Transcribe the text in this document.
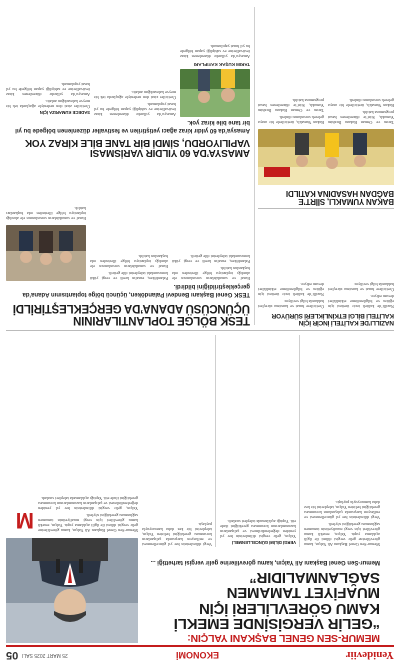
Yenideviir
EKONOMİ
25 MART 2025 SALI
05
MEMUR-SEN GENEL BAŞKANI YALÇIN:
“GELİR VERGİSİNDE EMEKLİ
KAMU GÖREVLİLERİ İÇİN
MUAFİYET TAMAMEN
SAĞLANMALIDIR”
Memur-Sen Genel Başkanı Ali Yalçın, kamu görevlilerine gelir vergisi tarhettiği ...
M

Memur-Sen Genel Başkanı Ali Yalçın, kamu görevlilerine gelir vergisi dilimi ile ilgili açıklama yaptı. Yalçın, emekli kamu görevlileri için vergi muafiyetinin tamamen sağlanması gerektiğini söyledi.

Vergi dilimlerinin her yıl güncellenmesi ve enflasyon karşısında çalışanların korunması gerektiğini belirten Yalçın, taleplerini bir kez daha kamuoyuyla paylaştı.

VERGİ DİLİMİ GÜNCELLENMELİ

Yalçın, gelir vergisi dilimlerinin her yıl yeniden değerlendirilmesi ve çalışanların kazanımlarının korunması gerektiğini ifade etti. Yaptığı açıklamada talepleri sıraladı.

Vergi dilimlerinin her yıl güncellenmesi ve enflasyon karşısında çalışanların korunması gerektiğini belirten Yalçın, taleplerini bir kez daha kamuoyuyla paylaştı.

Memur-Sen Genel Başkanı Ali Yalçın, kamu görevlilerine gelir vergisi dilimi ile ilgili açıklama yaptı. Yalçın, emekli kamu görevlileri için vergi muafiyetinin tamamen sağlanması gerektiğini söyledi.

Yalçın, gelir vergisi dilimlerinin her yıl yeniden değerlendirilmesi ve çalışanların kazanımlarının korunması gerektiğini ifade etti. Yaptığı açıklamada talepleri sıraladı.

TESK BÖLGE TOPLANTILARININ
ÜÇÜNCÜSÜ ADANA’DA GERÇEKLEŞTİRİLDİ
TESK Genel Başkanı Bendevi Palandöken, üçüncü bölge toplantısının Adana’da gerçekleştirildiğini bildirdi.

Esnaf ve sanatkârların sorunlarının ele alındığı toplantıya bölge illerinden oda başkanları katıldı.

Palandöken, esnafın kredi ve vergi yükü konusundaki taleplerini dile getirdi.

Palandöken, esnafın kredi ve vergi yükü konusundaki taleplerini dile getirdi.

Esnaf ve sanatkârların sorunlarının ele alındığı toplantıya bölge illerinden oda başkanları katıldı.

Esnaf ve sanatkârların sorunlarının ele alındığı toplantıya bölge illerinden oda başkanları katıldı.

AMASYA’DA 60 YILDIR VARİSMASI
VAPILIYORDU, SİMDİ BİR TANE BİLE KİRAZ YOK
Amasya’da 60 yıldır kiraz ağacı yetiştirilen ve festivaller düzenlenen bölgede bu yıl bir tane bile kiraz yok.
TARIM KUŞAK KAYIPLARI

Amasya’da yıllardır düzenlenen kiraz festivallerine ev sahipliği yapan bölgede bu yıl hasat yapılamadı.

Üreticiler zirai don nedeniyle ağaçlarda tek bir meyve kalmadığını anlattı.

SADECE KUMARIZA İÇİN

Üreticiler zirai don nedeniyle ağaçlarda tek bir meyve kalmadığını anlattı.

Amasya’da yıllardır düzenlenen kiraz festivallerine ev sahipliği yapan bölgede bu yıl hasat yapılamadı.

Amasya’da yıllardır düzenlenen kiraz festivallerine ev sahipliği yapan bölgede bu yıl hasat yapılamadı.

NAZILLI’DE KALİTELİ İNCİR İÇİN
KALİTELİ BİLGİ ETKİNLİKLERİ SÜRÜYOR

Nazilli’de kaliteli incir üretimi için eğitim ve bilgilendirme etkinlikleri devam ediyor.

Üreticilere hasat ve kurutma süreçleri hakkında bilgi veriliyor.

Üreticilere hasat ve kurutma süreçleri hakkında bilgi veriliyor.

Nazilli’de kaliteli incir üretimi için eğitim ve bilgilendirme etkinlikleri devam ediyor.

BAKAN YUMAKLI, SİİRT’E
BAĞDAN HASADINA KATILDI

Tarım ve Orman Bakanı İbrahim Yumaklı, Siirt’te düzenlenen hasat programına katıldı.

Bakan Yumaklı, üreticilerle bir araya gelerek sorunlarını dinledi.

Bakan Yumaklı, üreticilerle bir araya gelerek sorunlarını dinledi.

Tarım ve Orman Bakanı İbrahim Yumaklı, Siirt’te düzenlenen hasat programına katıldı.
